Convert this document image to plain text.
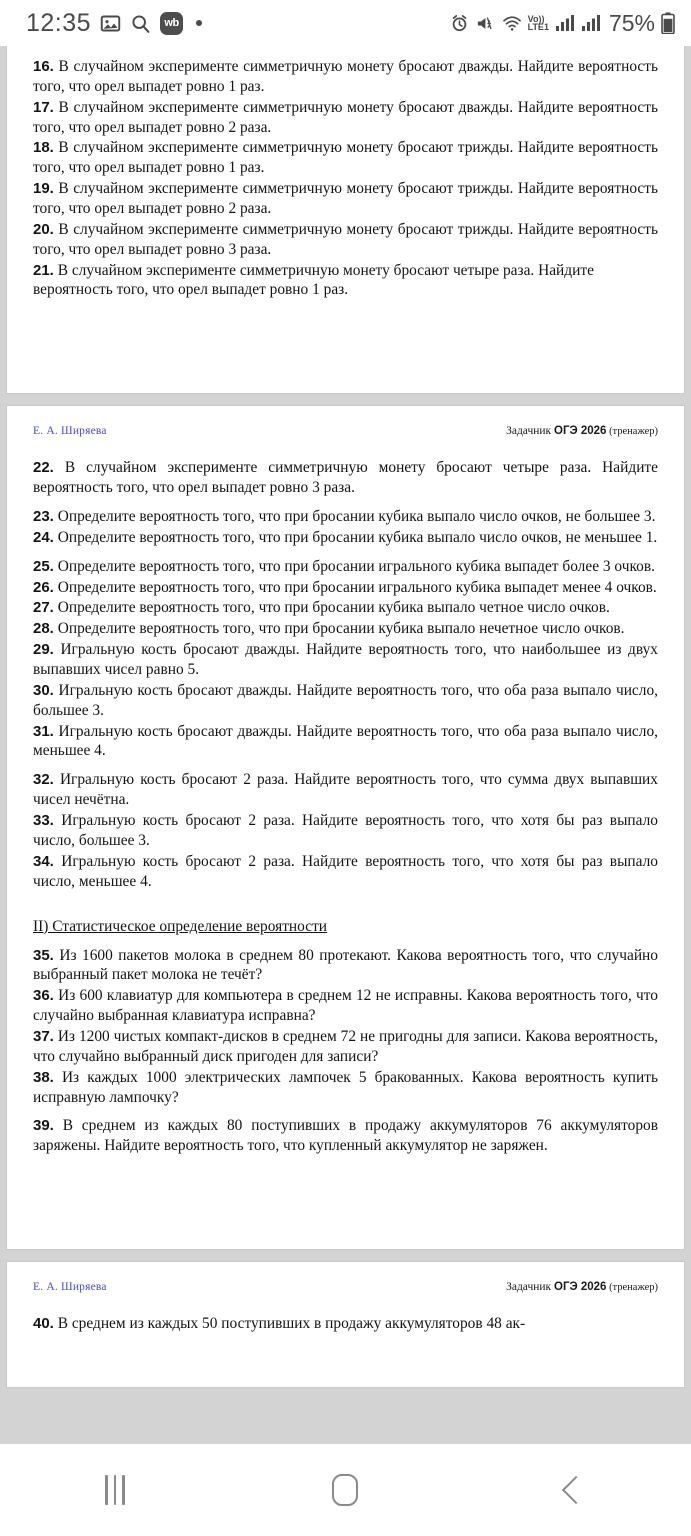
12:35	wb	Vo))
LTE1	75%

16. В случайном эксперименте симметричную монету бросают дважды. Найдите вероятность того, что орел выпадет ровно 1 раз.

17. В случайном эксперименте симметричную монету бросают дважды. Найдите вероятность того, что орел выпадет ровно 2 раза.

18. В случайном эксперименте симметричную монету бросают трижды. Найдите вероятность того, что орел выпадет ровно 1 раз.

19. В случайном эксперименте симметричную монету бросают трижды. Найдите вероятность того, что орел выпадет ровно 2 раза.

20. В случайном эксперименте симметричную монету бросают трижды. Найдите вероятность того, что орел выпадет ровно 3 раза.

21. В случайном эксперименте симметричную монету бросают четыре раза. Найдите вероятность того, что орел выпадет ровно 1 раз.

Е. А. Ширяева	Задачник ОГЭ 2026 (тренажер)

22. В случайном эксперименте симметричную монету бросают четыре раза. Найдите вероятность того, что орел выпадет ровно 3 раза.

23. Определите вероятность того, что при бросании кубика выпало число очков, не большее 3.

24. Определите вероятность того, что при бросании кубика выпало число очков, не меньшее 1.

25. Определите вероятность того, что при бросании игрального кубика выпадет более 3 очков.

26. Определите вероятность того, что при бросании игрального кубика выпадет менее 4 очков.

27. Определите вероятность того, что при бросании кубика выпало четное число очков.

28. Определите вероятность того, что при бросании кубика выпало нечетное число очков.

29. Игральную кость бросают дважды. Найдите вероятность того, что наибольшее из двух выпавших чисел равно 5.

30. Игральную кость бросают дважды. Найдите вероятность того, что оба раза выпало число, большее 3.

31. Игральную кость бросают дважды. Найдите вероятность того, что оба раза выпало число, меньшее 4.

32. Игральную кость бросают 2 раза. Найдите вероятность того, что сумма двух выпавших чисел нечётна.

33. Игральную кость бросают 2 раза. Найдите вероятность того, что хотя бы раз выпало число, большее 3.

34. Игральную кость бросают 2 раза. Найдите вероятность того, что хотя бы раз выпало число, меньшее 4.

II) Статистическое определение вероятности

35. Из 1600 пакетов молока в среднем 80 протекают. Какова вероятность того, что случайно выбранный пакет молока не течёт?

36. Из 600 клавиатур для компьютера в среднем 12 не исправны. Какова вероятность того, что случайно выбранная клавиатура исправна?

37. Из 1200 чистых компакт-дисков в среднем 72 не пригодны для записи. Какова вероятность, что случайно выбранный диск пригоден для записи?

38. Из каждых 1000 электрических лампочек 5 бракованных. Какова вероятность купить исправную лампочку?

39. В среднем из каждых 80 поступивших в продажу аккумуляторов 76 аккумуляторов заряжены. Найдите вероятность того, что купленный аккумулятор не заряжен.

Е. А. Ширяева	Задачник ОГЭ 2026 (тренажер)

40. В среднем из каждых 50 поступивших в продажу аккумуляторов 48 ак-
